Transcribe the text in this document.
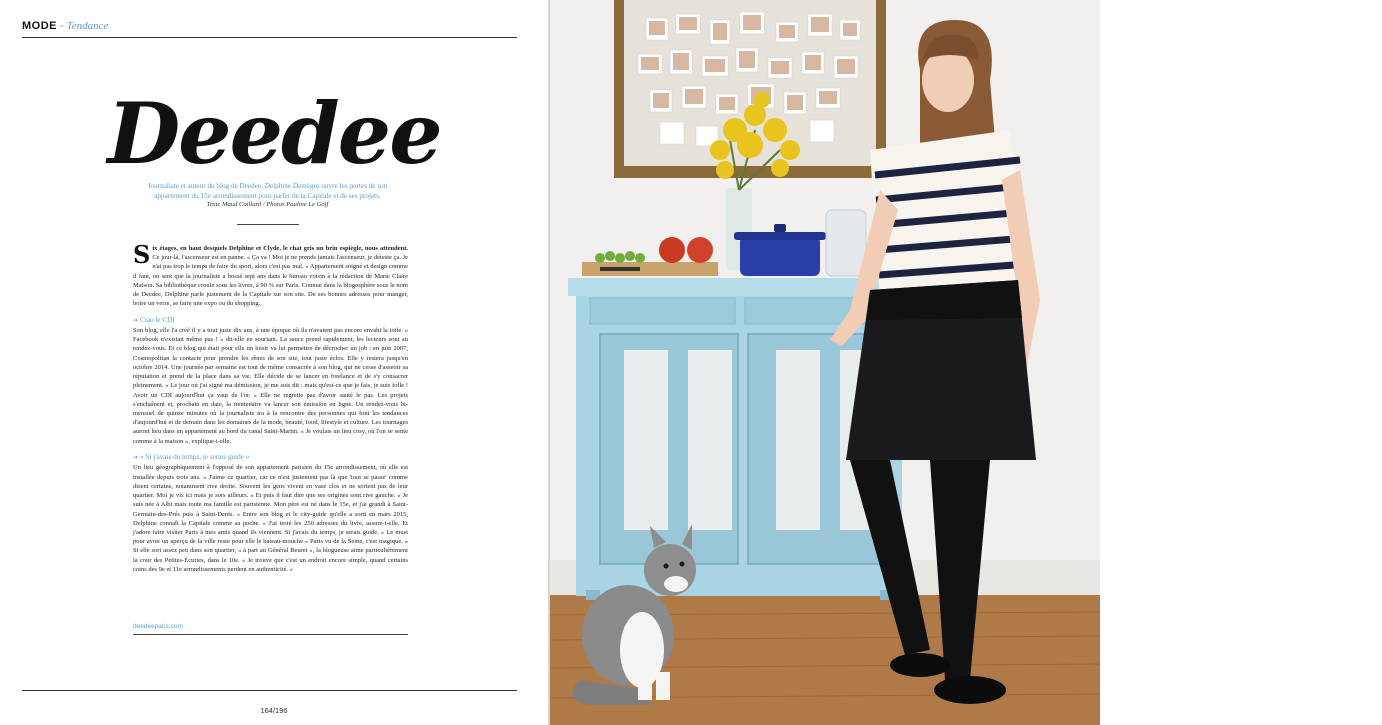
MODE - Tendance
Deedee
Journaliste et auteur du blog de Deedee, Delphine Demèges ouvre les portes de son appartement du 15e arrondissement pour parler de la Capitale et de ses projets.
Texte Maud Coillard / Photos Pauline Le Goff

Six étages, en haut desquels Delphine et Clyde, le chat gris un brin espiègle, nous attendent. Ce jour-là, l'ascenseur est en panne. « Ça va ! Moi je ne prends jamais l'ascenseur, je déteste ça. Je n'ai pas trop le temps de faire du sport, alors c'est pas mal. » Appartement soigné et design comme il faut, on sent que la journaliste a bossé sept ans dans le bureau voisin à la rédaction de Marie Claire Maison. Sa bibliothèque croule sous les livres, à 90 % sur Paris. Connue dans la blogosphère sous le nom de Deedee, Delphine parle justement de la Capitale sur son site. De ses bonnes adresses pour manger, boire un verre, se faire une expo ou du shopping.

➔ Ciao le CDI

Son blog, elle l'a créé il y a tout juste dix ans, à une époque où ils n'avaient pas encore envahi la toile. « Facebook n'existait même pas ! » dit-elle en souriant. La sauce prend rapidement, les lecteurs sont au rendez-vous. Et ce blog qui était pour elle un loisir va lui permettre de décrocher un job : en juin 2007, Cosmopolitan la contacte pour prendre les rênes de son site, tout juste éclos. Elle y restera jusqu'en octobre 2014. Une journée par semaine est tout de même consacrée à son blog, qui ne cesse d'asseoir sa réputation et prend de la place dans sa vie. Elle décide de se lancer en freelance et de s'y consacrer pleinement. « Le jour où j'ai signé ma démission, je me suis dit : mais qu'est-ce que je fais, je suis folle ! Avoir un CDI aujourd'hui ça vaut de l'or. » Elle ne regrette pas d'avoir sauté le pas. Les projets s'enchaînent et, prochain en date, la trentenaire va lancer son émission en ligne. Un rendez-vous bi-mensuel de quinze minutes où la journaliste ira à la rencontre des personnes qui font les tendances d'aujourd'hui et de demain dans les domaines de la mode, beauté, food, lifestyle et culture. Les tournages auront lieu dans un appartement au bord du canal Saint-Martin. « Je voulais un lieu cosy, où l'on se sente comme à la maison », explique-t-elle.

➔ « Si j'avais du temps, je serais guide »

Un lieu géographiquement à l'opposé de son appartement parisien du 15e arrondissement, où elle est installée depuis trois ans. « J'aime ce quartier, car ce n'est justement pas là que 'tout se passe' comme disent certains, notamment rive droite. Souvent les gens vivent en vase clos et ne sortent pas de leur quartier. Moi je vis ici mais je sors ailleurs. » Et puis il faut dire que ses origines sont rive gauche. « Je suis née à Albi mais toute ma famille est parisienne. Mon père est né dans le 15e, et j'ai grandi à Saint-Germain-des-Prés puis à Saint-Denis. » Entre son blog et le city-guide qu'elle a sorti en mars 2015, Delphine connaît la Capitale comme sa poche. « J'ai testé les 250 adresses du livre, assure-t-elle. Et j'adore faire visiter Paris à mes amis quand ils viennent. Si j'avais du temps, je serais guide. » Le must pour avoir un aperçu de la ville reste pour elle le bateau-mouche « Paris vu de la Seine, c'est magique. » Si elle sort assez peu dans son quartier, « à part au Général Beuret », la blogueuse aime particulièrement la cour des Petites-Écuries, dans le 10e. « Je trouve que c'est un endroit encore simple, quand certains coins des 9e et 11e arrondissements perdent en authenticité. »

deedeeparis.com
164/196	VIVRE PARIS
